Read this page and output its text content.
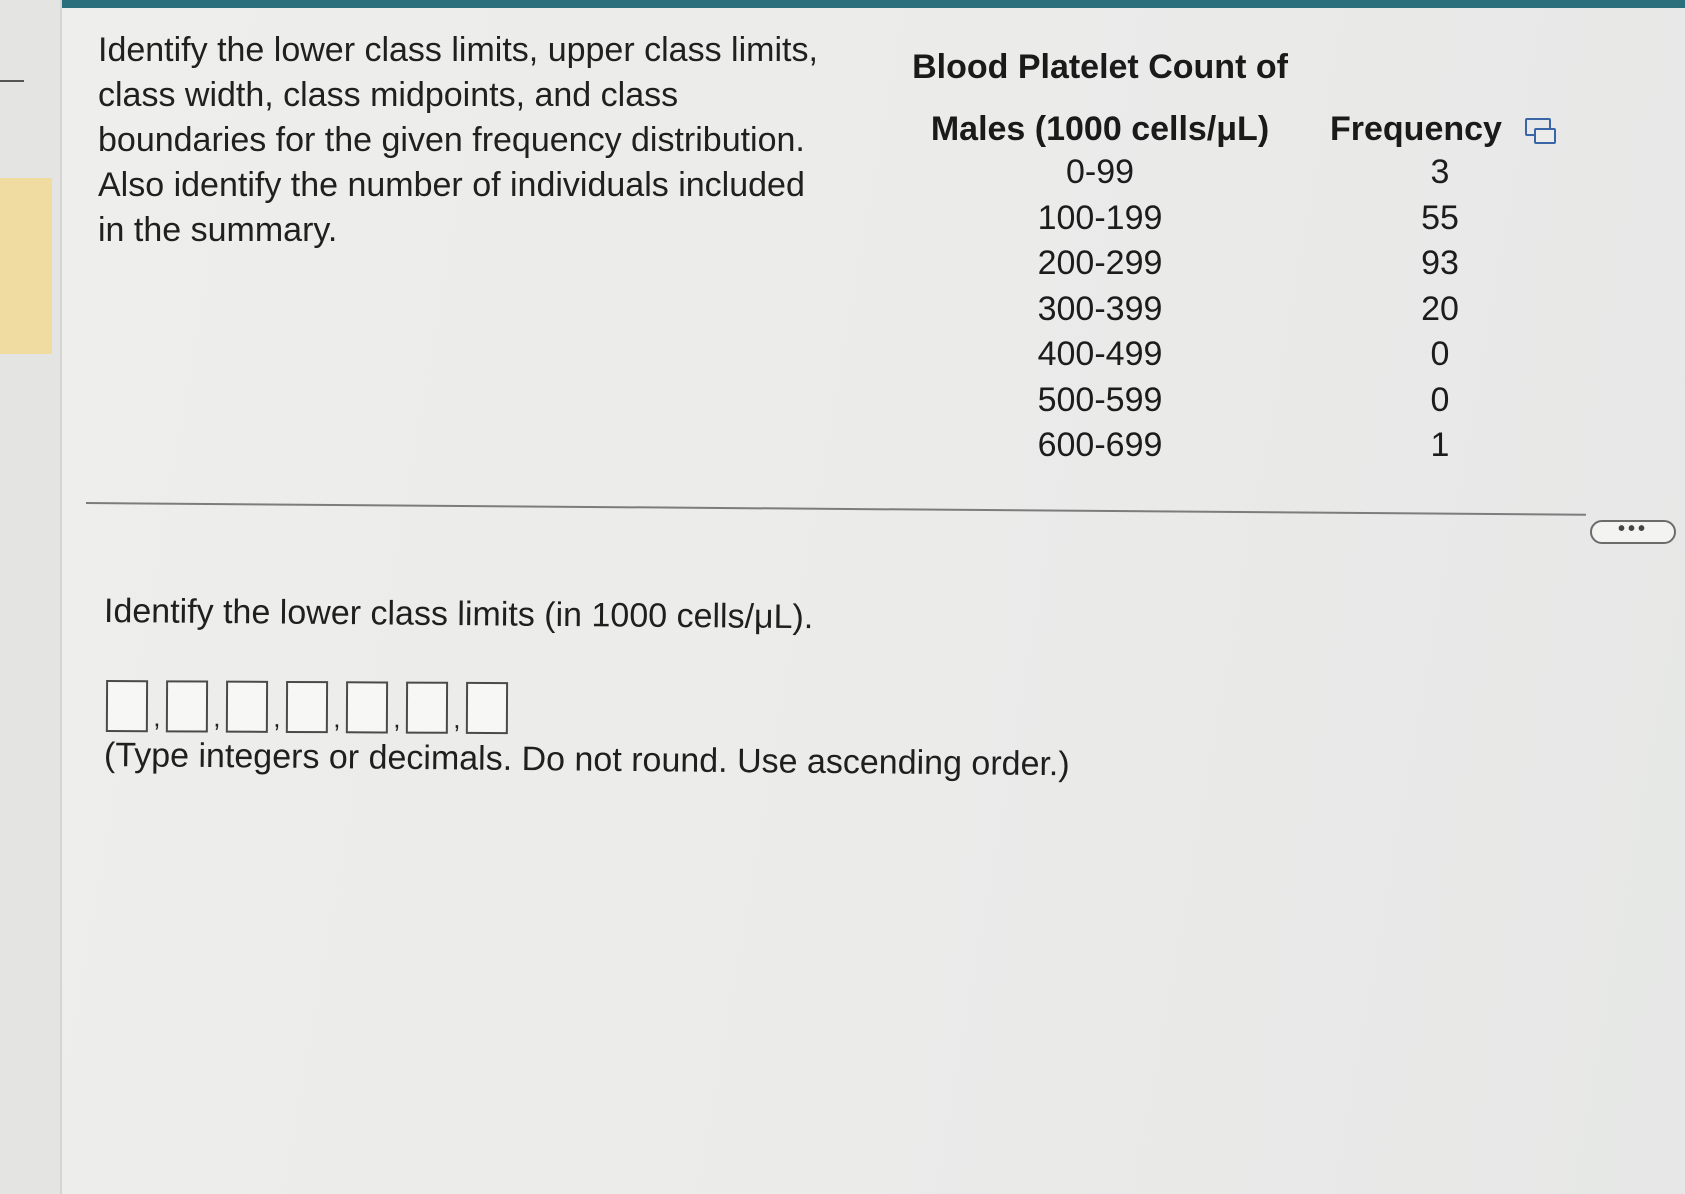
Identify the lower class limits, upper class limits,
class width, class midpoints, and class
boundaries for the given frequency distribution.
Also identify the number of individuals included
in the summary.
Blood Platelet Count of
Males (1000 cells/μL)	Frequency
0-99	3
100-199	55
200-299	93
300-399	20
400-499	0
500-599	0
600-699	1
•••
Identify the lower class limits (in 1000 cells/μL).
, , , , , ,
(Type integers or decimals. Do not round. Use ascending order.)
